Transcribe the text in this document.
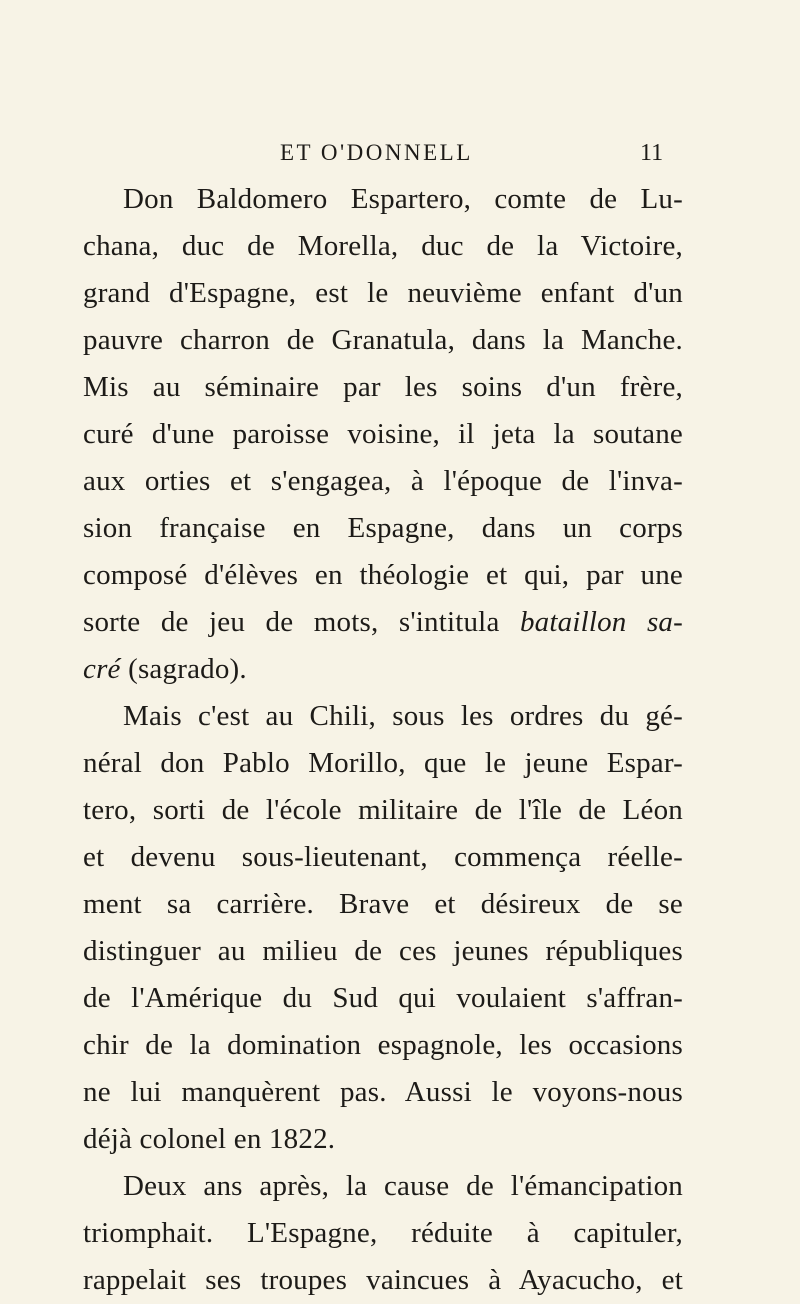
ET O'DONNELL	11
Don Baldomero Espartero, comte de Lu-
chana, duc de Morella, duc de la Victoire,
grand d'Espagne, est le neuvième enfant d'un
pauvre charron de Granatula, dans la Manche.
Mis au séminaire par les soins d'un frère,
curé d'une paroisse voisine, il jeta la soutane
aux orties et s'engagea, à l'époque de l'inva-
sion française en Espagne, dans un corps
composé d'élèves en théologie et qui, par une
sorte de jeu de mots, s'intitula bataillon sa-
cré (sagrado).
Mais c'est au Chili, sous les ordres du gé-
néral don Pablo Morillo, que le jeune Espar-
tero, sorti de l'école militaire de l'île de Léon
et devenu sous-lieutenant, commença réelle-
ment sa carrière. Brave et désireux de se
distinguer au milieu de ces jeunes républiques
de l'Amérique du Sud qui voulaient s'affran-
chir de la domination espagnole, les occasions
ne lui manquèrent pas. Aussi le voyons-nous
déjà colonel en 1822.
Deux ans après, la cause de l'émancipation
triomphait. L'Espagne, réduite à capituler,
rappelait ses troupes vaincues à Ayacucho, et
